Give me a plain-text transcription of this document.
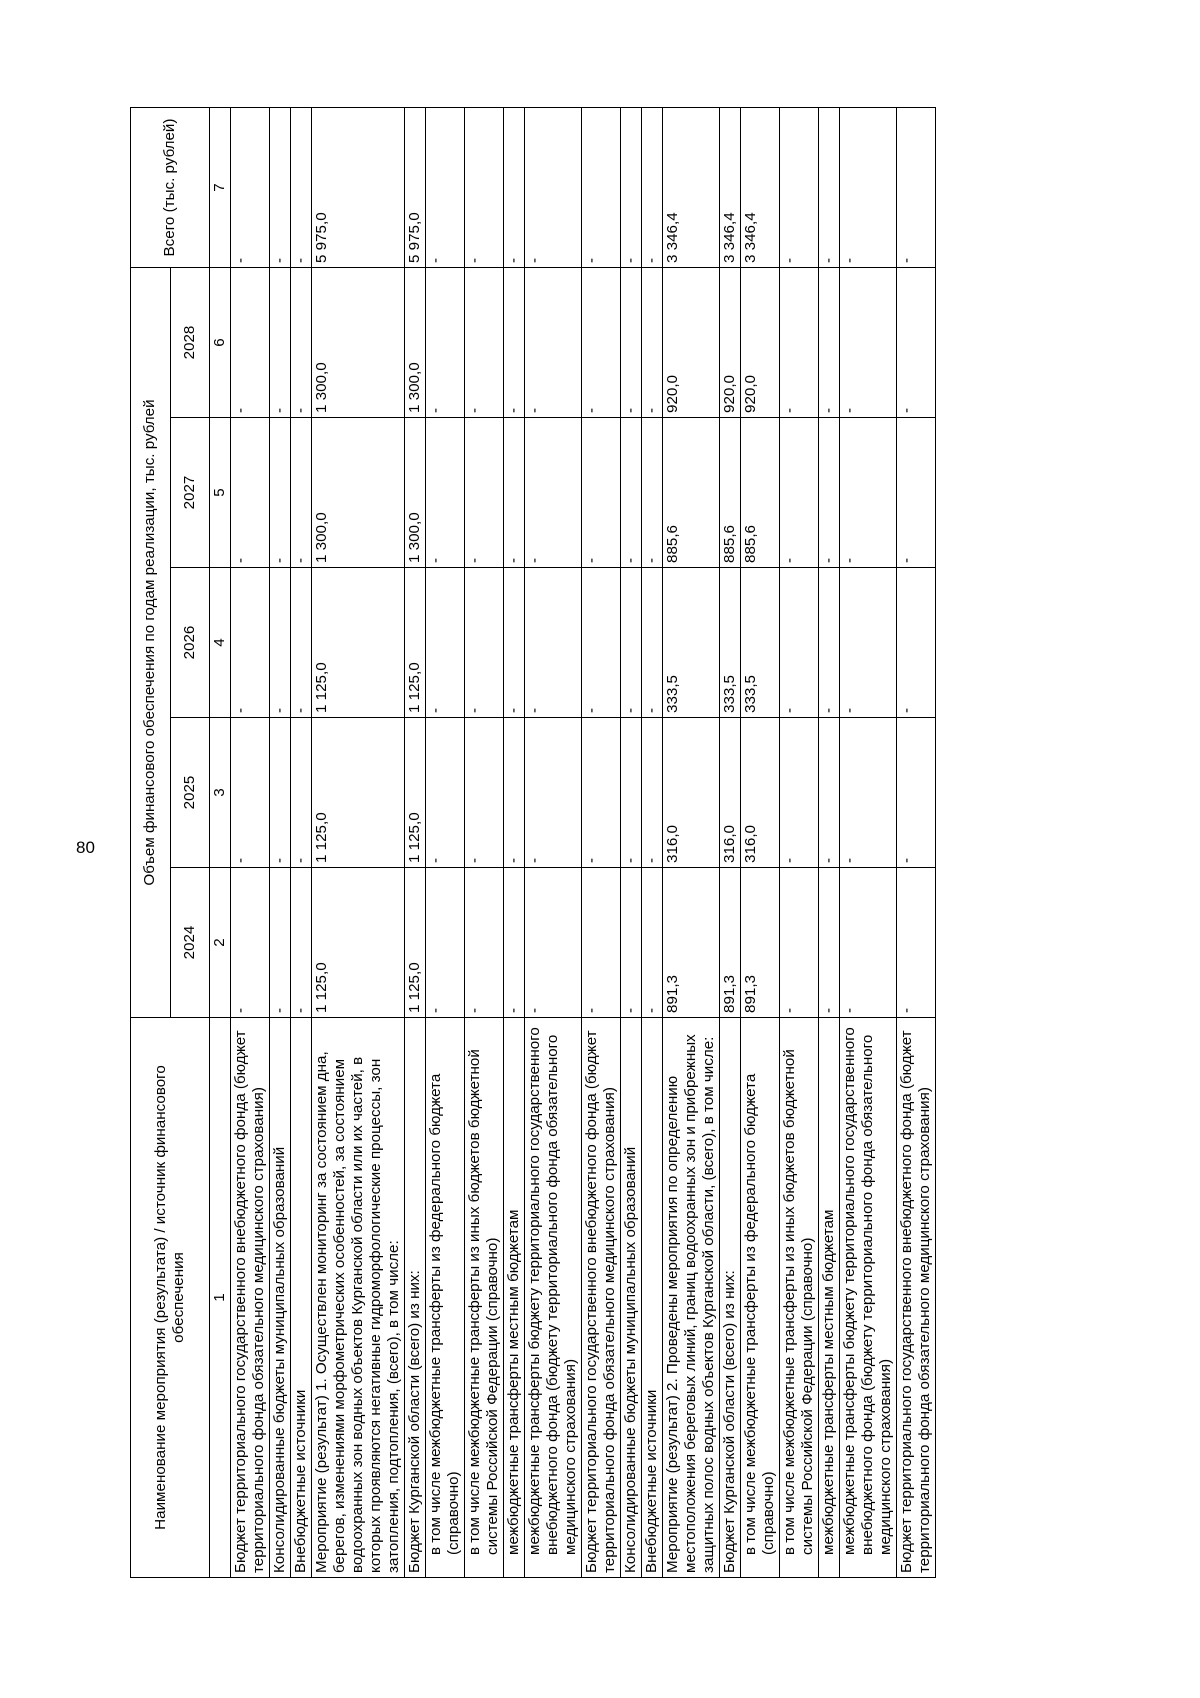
80
Наименование мероприятия (результата) / источник финансового обеспечения	Объем финансового обеспечения по годам реализации, тыс. рублей					Всего (тыс. рублей)
	2024	2025	2026	2027	2028	
1	2	3	4	5	6	7
Бюджет территориального государственного внебюджетного фонда (бюджет территориального фонда обязательного медицинского страхования)	-	-	-	-	-	-
Консолидированные бюджеты муниципальных образований	-	-	-	-	-	-
Внебюджетные источники	-	-	-	-	-	-
Мероприятие (результат) 1. Осуществлен мониторинг за состоянием дна, берегов, изменениями морфометрических особенностей, за состоянием водоохранных зон водных объектов Курганской области или их частей, в которых проявляются негативные гидроморфологические процессы, зон затопления, подтопления, (всего), в том числе:	1 125,0	1 125,0	1 125,0	1 300,0	1 300,0	5 975,0
Бюджет Курганской области (всего) из них:	1 125,0	1 125,0	1 125,0	1 300,0	1 300,0	5 975,0
в том числе межбюджетные трансферты из федерального бюджета (справочно)	-	-	-	-	-	-
в том числе межбюджетные трансферты из иных бюджетов бюджетной системы Российской Федерации (справочно)	-	-	-	-	-	-
межбюджетные трансферты местным бюджетам	-	-	-	-	-	-
межбюджетные трансферты бюджету территориального государственного внебюджетного фонда (бюджету территориального фонда обязательного медицинского страхования)	-	-	-	-	-	-
Бюджет территориального государственного внебюджетного фонда (бюджет территориального фонда обязательного медицинского страхования)	-	-	-	-	-	-
Консолидированные бюджеты муниципальных образований	-	-	-	-	-	-
Внебюджетные источники	-	-	-	-	-	-
Мероприятие (результат) 2. Проведены мероприятия по определению местоположения береговых линий, границ водоохранных зон и прибрежных защитных полос водных объектов Курганской области, (всего), в том числе:	891,3	316,0	333,5	885,6	920,0	3 346,4
Бюджет Курганской области (всего) из них:	891,3	316,0	333,5	885,6	920,0	3 346,4
в том числе межбюджетные трансферты из федерального бюджета (справочно)	891,3	316,0	333,5	885,6	920,0	3 346,4
в том числе межбюджетные трансферты из иных бюджетов бюджетной системы Российской Федерации (справочно)	-	-	-	-	-	-
межбюджетные трансферты местным бюджетам	-	-	-	-	-	-
межбюджетные трансферты бюджету территориального государственного внебюджетного фонда (бюджету территориального фонда обязательного медицинского страхования)	-	-	-	-	-	-
Бюджет территориального государственного внебюджетного фонда (бюджет территориального фонда обязательного медицинского страхования)	-	-	-	-	-	-
